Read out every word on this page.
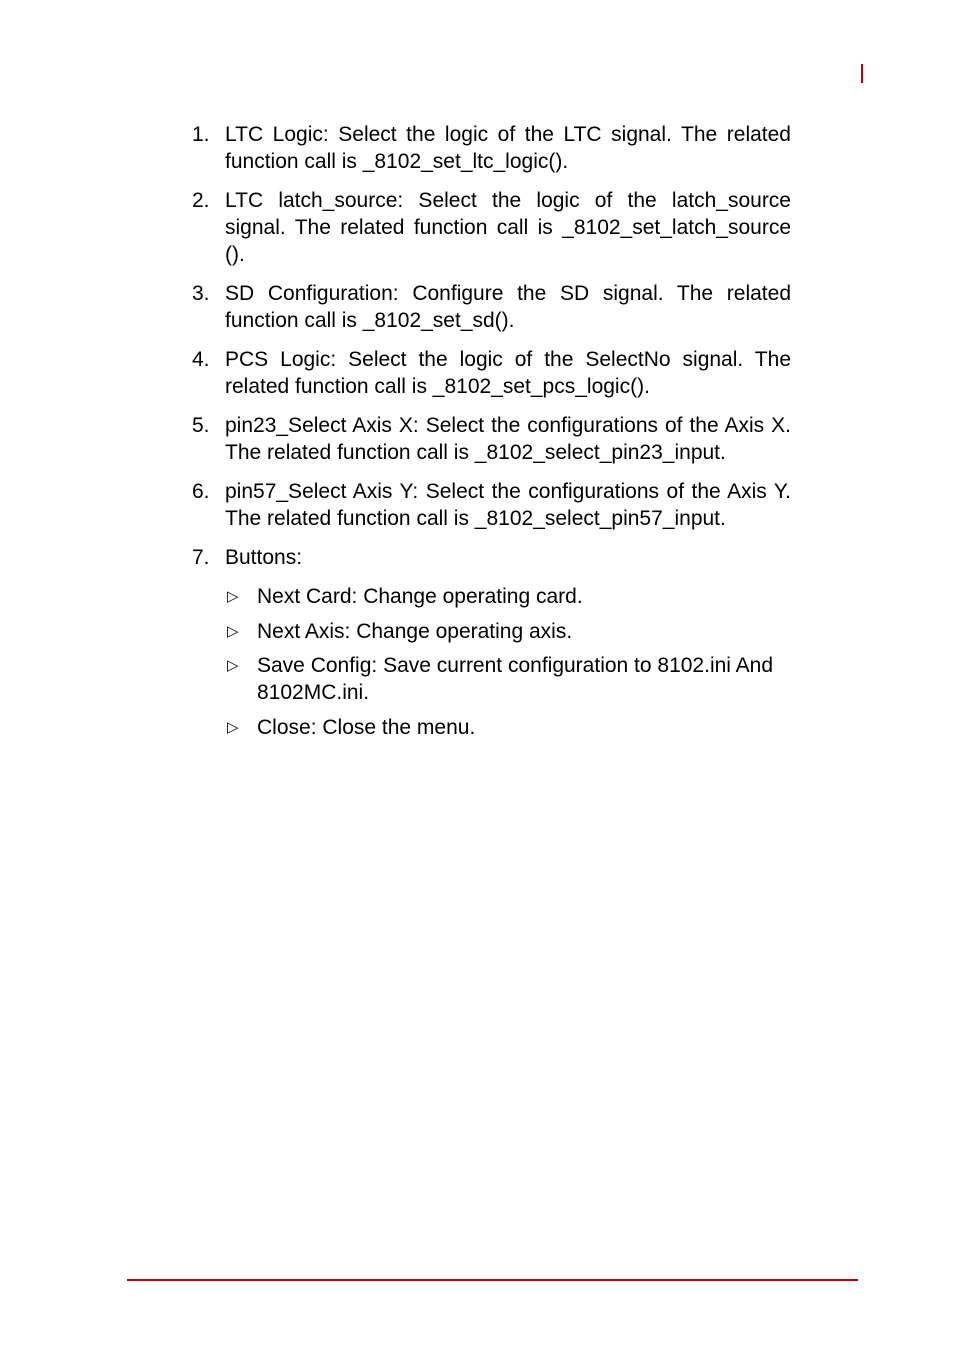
1. LTC Logic: Select the logic of the LTC signal. The related function call is _8102_set_ltc_logic().
2. LTC latch_source: Select the logic of the latch_source signal. The related function call is _8102_set_latch_source ().
3. SD Configuration: Configure the SD signal. The related function call is _8102_set_sd().
4. PCS Logic: Select the logic of the SelectNo signal. The related function call is _8102_set_pcs_logic().
5. pin23_Select Axis X: Select the configurations of the Axis X. The related function call is _8102_select_pin23_input.
6. pin57_Select Axis Y: Select the configurations of the Axis Y. The related function call is _8102_select_pin57_input.
7. Buttons:
▷ Next Card: Change operating card.
▷ Next Axis: Change operating axis.
▷ Save Config: Save current configuration to 8102.ini And 8102MC.ini.
▷ Close: Close the menu.
